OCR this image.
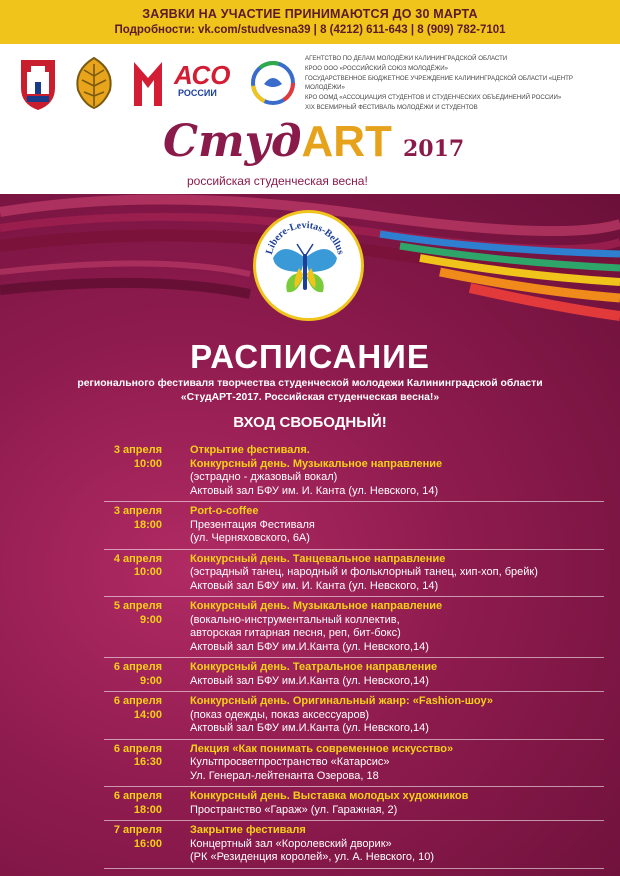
ЗАЯВКИ НА УЧАСТИЕ ПРИНИМАЮТСЯ ДО 30 МАРТА
Подробности: vk.com/studvesna39 | 8 (4212) 611-643 | 8 (909) 782-7101
АСО
РОССИИ
АГЕНТСТВО ПО ДЕЛАМ МОЛОДЁЖИ КАЛИНИНГРАДСКОЙ ОБЛАСТИ
КРОО ООО «РОССИЙСКИЙ СОЮЗ МОЛОДЁЖИ»
ГОСУДАРСТВЕННОЕ БЮДЖЕТНОЕ УЧРЕЖДЕНИЕ КАЛИНИНГРАДСКОЙ ОБЛАСТИ «ЦЕНТР МОЛОДЁЖИ»
КРО ООМД «АССОЦИАЦИЯ СТУДЕНТОВ И СТУДЕНЧЕСКИХ ОБЪЕДИНЕНИЙ РОССИИ»
XIX ВСЕМИРНЫЙ ФЕСТИВАЛЬ МОЛОДЁЖИ И СТУДЕНТОВ
СтудART 2017
российская студенческая весна!
Libere-Levitas-Bellus
РАСПИСАНИЕ
регионального фестиваля творчества студенческой молодежи Калининградской области
«СтудАРТ-2017. Российская студенческая весна!»
ВХОД СВОБОДНЫЙ!
3 апреля
10:00
Открытие фестиваля.
Конкурсный день. Музыкальное направление
(эстрадно - джазовый вокал)
Актовый зал БФУ им. И. Канта (ул. Невского, 14)
3 апреля
18:00
Port-o-coffee
Презентация Фестиваля
(ул. Черняховского, 6А)
4 апреля
10:00
Конкурсный день. Танцевальное направление
(эстрадный танец, народный и фольклорный танец, хип-хоп, брейк)
Актовый зал БФУ им. И. Канта (ул. Невского, 14)
5 апреля
9:00
Конкурсный день. Музыкальное направление
(вокально-инструментальный коллектив,
авторская гитарная песня, реп, бит-бокс)
Актовый зал БФУ им.И.Канта (ул. Невского,14)
6 апреля
9:00
Конкурсный день. Театральное направление
Актовый зал БФУ им.И.Канта (ул. Невского,14)
6 апреля
14:00
Конкурсный день. Оригинальный жанр: «Fashion-шоу»
(показ одежды, показ аксессуаров)
Актовый зал БФУ им.И.Канта (ул. Невского,14)
6 апреля
16:30
Лекция «Как понимать современное искусство»
Культпросветпространство «Катарсис»
Ул. Генерал-лейтенанта Озерова, 18
6 апреля
18:00
Конкурсный день. Выставка молодых художников
Пространство «Гараж» (ул. Гаражная, 2)
7 апреля
16:00
Закрытие фестиваля
Концертный зал «Королевский дворик»
(РК «Резиденция королей», ул. А. Невского, 10)
